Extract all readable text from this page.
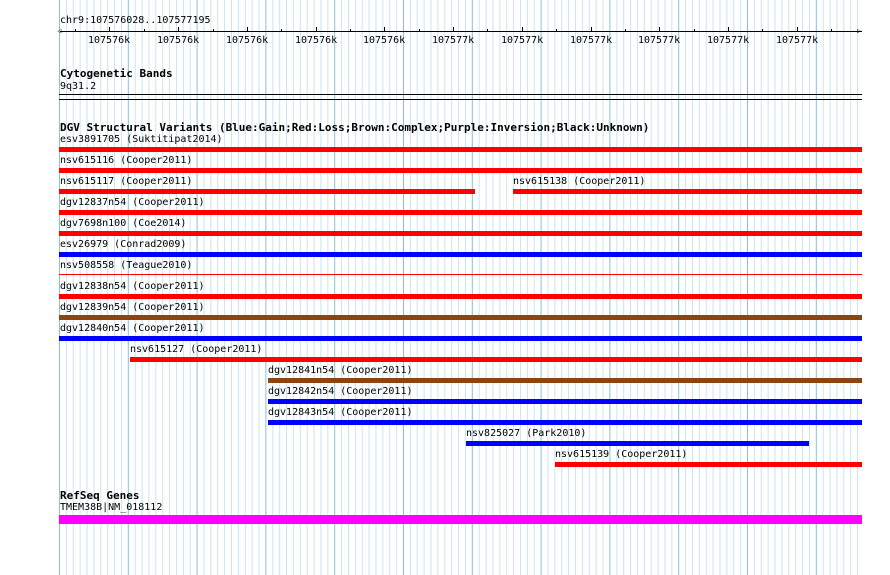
chr9:107576028..107577195
◁	▷
107576k	107576k	107576k	107576k	107576k	107577k	107577k	107577k	107577k	107577k	107577k
Cytogenetic Bands
9q31.2
DGV Structural Variants (Blue:Gain;Red:Loss;Brown:Complex;Purple:Inversion;Black:Unknown)
esv3891705 (Suktitipat2014)
nsv615116 (Cooper2011)
nsv615117 (Cooper2011)	nsv615138 (Cooper2011)
dgv12837n54 (Cooper2011)
dgv7698n100 (Coe2014)
esv26979 (Conrad2009)
nsv508558 (Teague2010)
dgv12838n54 (Cooper2011)
dgv12839n54 (Cooper2011)
dgv12840n54 (Cooper2011)
nsv615127 (Cooper2011)
dgv12841n54 (Cooper2011)
dgv12842n54 (Cooper2011)
dgv12843n54 (Cooper2011)
nsv825027 (Park2010)
nsv615139 (Cooper2011)
RefSeq Genes
TMEM38B|NM_018112
